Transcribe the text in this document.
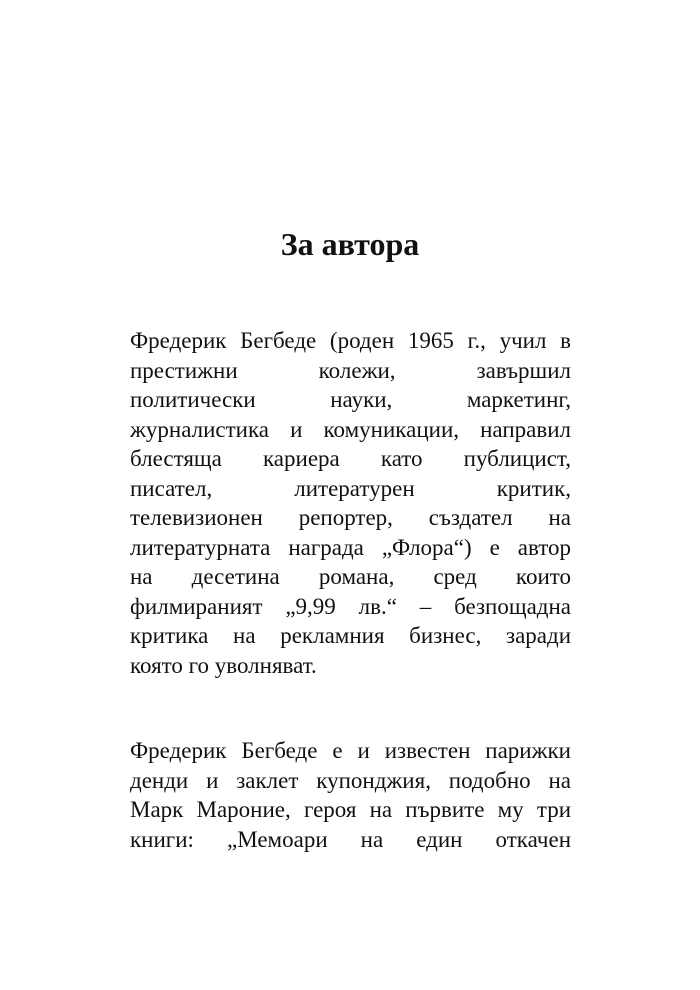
За автора

Фредерик Бегбеде (роден 1965 г., учил в
престижни колежи, завършил
политически науки, маркетинг,
журналистика и комуникации, направил
блестяща кариера като публицист,
писател, литературен критик,
телевизионен репортер, създател на
литературната награда „Флора“) е автор
на десетина романа, сред които
филмираният „9,99 лв.“ – безпощадна
критика на рекламния бизнес, заради
която го уволняват.

Фредерик Бегбеде е и известен парижки
денди и заклет купонджия, подобно на
Марк Мароние, героя на първите му три
книги: „Мемоари на един откачен
